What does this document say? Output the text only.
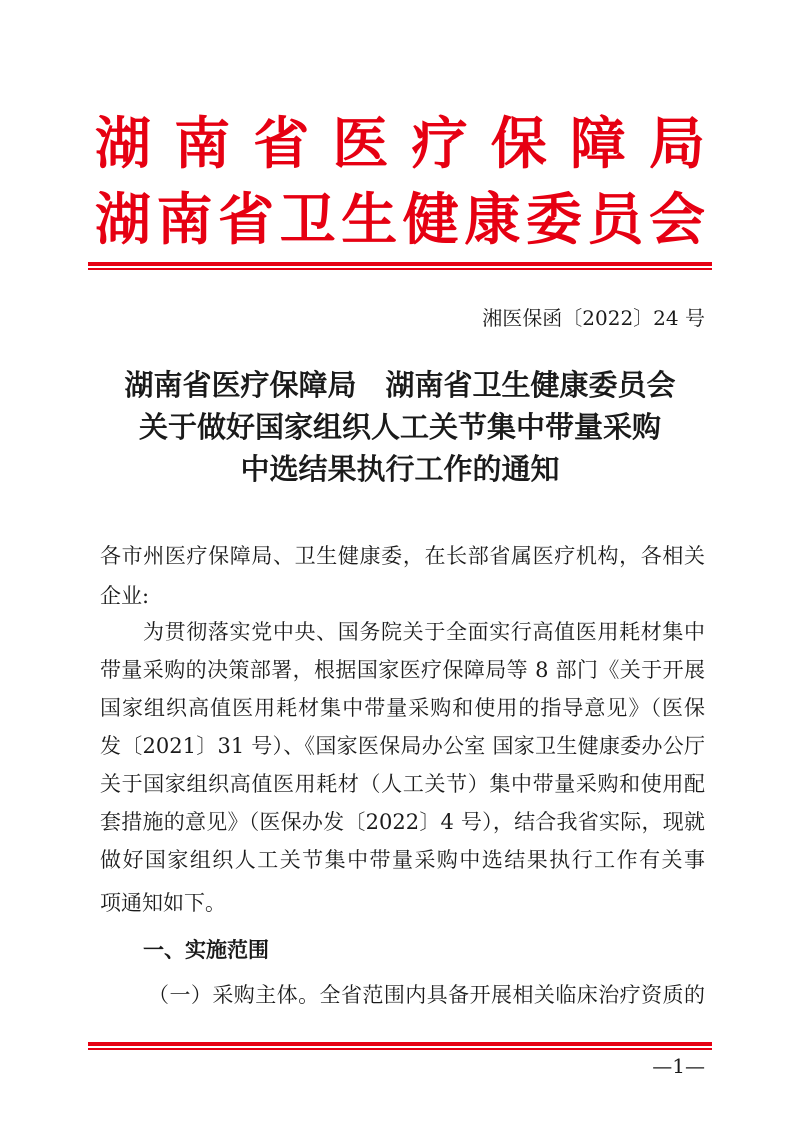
湖南省医疗保障局
湖南省卫生健康委员会
湘医保函〔2022〕24 号
湖南省医疗保障局　湖南省卫生健康委员会
关于做好国家组织人工关节集中带量采购
中选结果执行工作的通知
各市州医疗保障局、卫生健康委，在长部省属医疗机构，各相关
企业:
为贯彻落实党中央、国务院关于全面实行高值医用耗材集中
带量采购的决策部署，根据国家医疗保障局等 8 部门《关于开展
国家组织高值医用耗材集中带量采购和使用的指导意见》（医保
发〔2021〕31 号）、《国家医保局办公室 国家卫生健康委办公厅
关于国家组织高值医用耗材（人工关节）集中带量采购和使用配
套措施的意见》（医保办发〔2022〕4 号），结合我省实际，现就
做好国家组织人工关节集中带量采购中选结果执行工作有关事
项通知如下。
一、实施范围
（一）采购主体。全省范围内具备开展相关临床治疗资质的
—1—
